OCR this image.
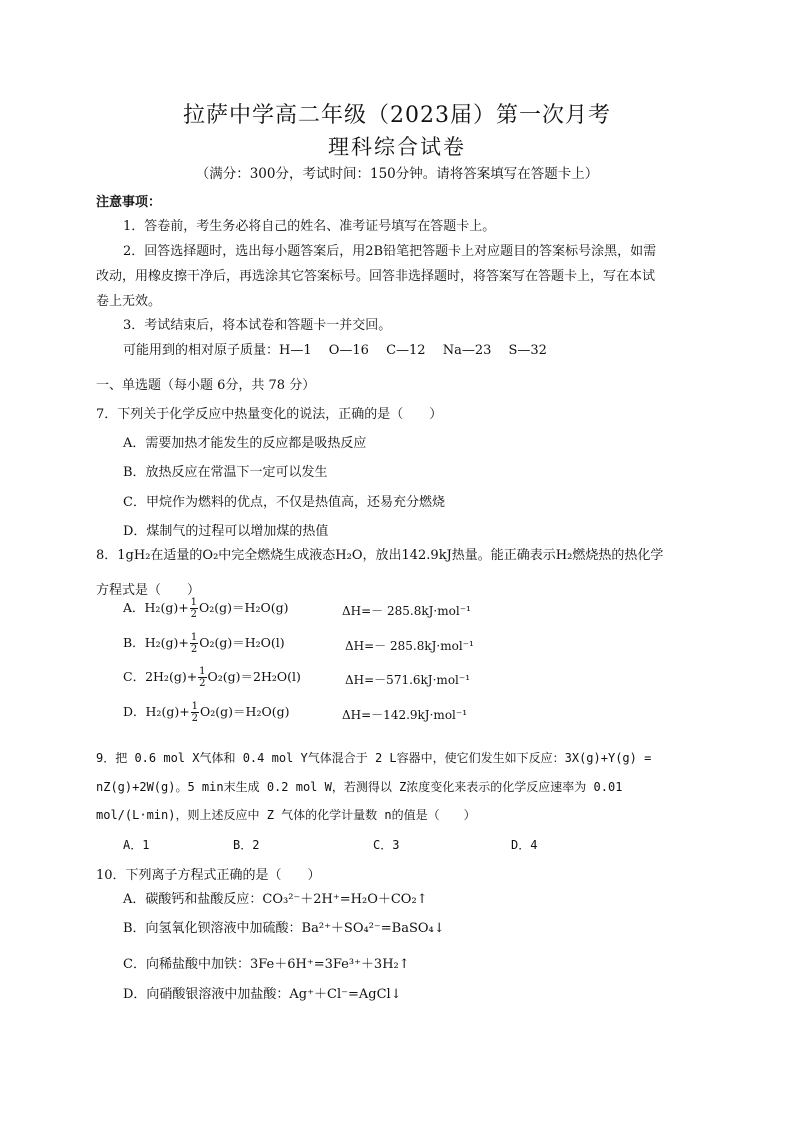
拉萨中学高二年级（2023届）第一次月考
理科综合试卷
（满分：300分，考试时间：150分钟。请将答案填写在答题卡上）
注意事项：
1．答卷前，考生务必将自己的姓名、准考证号填写在答题卡上。
2．回答选择题时，选出每小题答案后，用2B铅笔把答题卡上对应题目的答案标号涂黑，如需
改动，用橡皮擦干净后，再选涂其它答案标号。回答非选择题时，将答案写在答题卡上，写在本试
卷上无效。
3．考试结束后，将本试卷和答题卡一并交回。
可能用到的相对原子质量：H—1　 O—16　 C—12　 Na—23　 S—32
一、单选题（每小题 6分，共 78 分）
7．下列关于化学反应中热量变化的说法，正确的是（　　）
A．需要加热才能发生的反应都是吸热反应
B．放热反应在常温下一定可以发生
C．甲烷作为燃料的优点，不仅是热值高，还易充分燃烧
D．煤制气的过程可以增加煤的热值
8．1gH₂在适量的O₂中完全燃烧生成液态H₂O，放出142.9kJ热量。能正确表示H₂燃烧热的热化学
方程式是（　　）
A．$H_2(g)+ \frac{1}{2} O_2(g)=H_2O(g)$	ΔH=－ 285.8kJ·mol⁻¹
B．$H_2(g)+ \frac{1}{2} O_2(g)=H_2O(l)$	ΔH=－ 285.8kJ·mol⁻¹
C．$2H_2(g)+ \frac{1}{2} O_2(g)=2H_2O(l)$	ΔH=－571.6kJ·mol⁻¹
D．$H_2(g)+ \frac{1}{2} O_2(g)=H_2O(g)$	ΔH=－142.9kJ·mol⁻¹
9．把 0.6 mol X气体和 0.4 mol Y气体混合于 2 L容器中，使它们发生如下反应：3X(g)+Y(g) =
nZ(g)+2W(g)。5 min末生成 0.2 mol W，若测得以 Z浓度变化来表示的化学反应速率为 0.01
mol/(L·min)，则上述反应中 Z 气体的化学计量数 n的值是（　　）
A．1	B．2	C．3	D．4
10．下列离子方程式正确的是（　　）
A．碳酸钙和盐酸反应：CO₃²⁻＋2H⁺=H₂O＋CO₂↑
B．向氢氧化钡溶液中加硫酸：Ba²⁺＋SO₄²⁻=BaSO₄↓
C．向稀盐酸中加铁：3Fe＋6H⁺=3Fe³⁺＋3H₂↑
D．向硝酸银溶液中加盐酸：Ag⁺＋Cl⁻=AgCl↓
